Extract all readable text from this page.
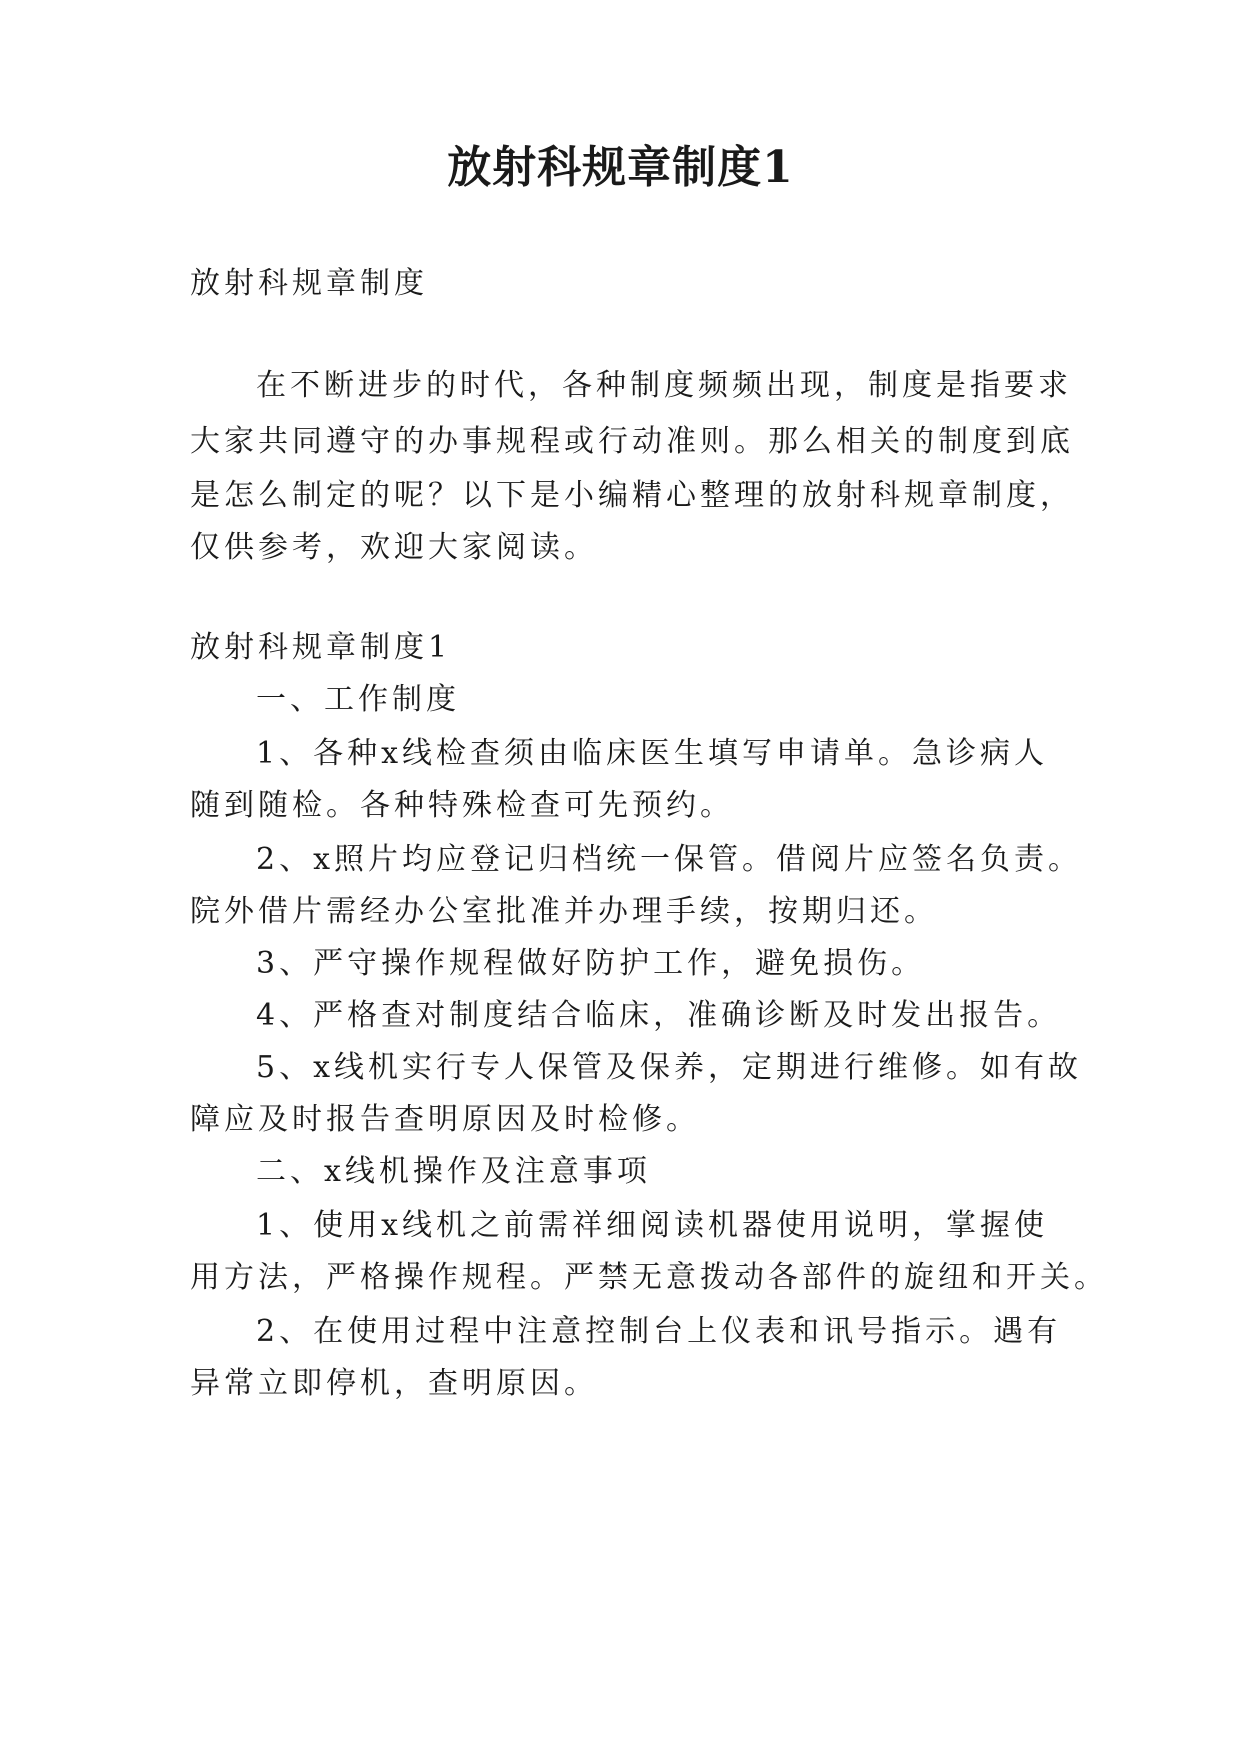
放射科规章制度1
放射科规章制度
在不断进步的时代，各种制度频频出现，制度是指要求
大家共同遵守的办事规程或行动准则。那么相关的制度到底
是怎么制定的呢？以下是小编精心整理的放射科规章制度，
仅供参考，欢迎大家阅读。
放射科规章制度1
一、工作制度
1、各种x线检查须由临床医生填写申请单。急诊病人
随到随检。各种特殊检查可先预约。
2、x照片均应登记归档统一保管。借阅片应签名负责。
院外借片需经办公室批准并办理手续，按期归还。
3、严守操作规程做好防护工作，避免损伤。
4、严格查对制度结合临床，准确诊断及时发出报告。
5、x线机实行专人保管及保养，定期进行维修。如有故
障应及时报告查明原因及时检修。
二、x线机操作及注意事项
1、使用x线机之前需祥细阅读机器使用说明，掌握使
用方法，严格操作规程。严禁无意拨动各部件的旋纽和开关。
2、在使用过程中注意控制台上仪表和讯号指示。遇有
异常立即停机，查明原因。
